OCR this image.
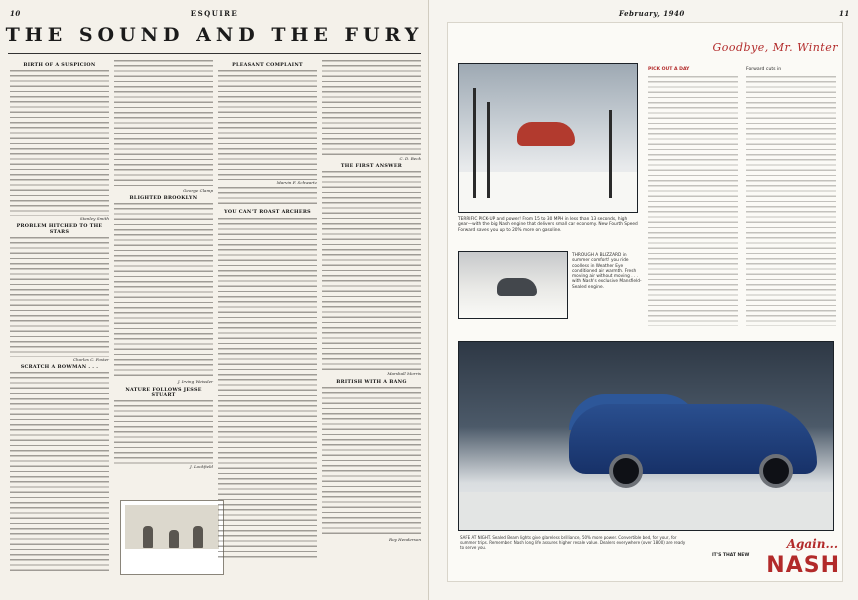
10	ESQUIRE
THE SOUND AND THE FURY
BIRTH OF A SUSPICION
Stanley Smith
PROBLEM HITCHED TO THE STARS
Charles C. Foster
SCRATCH A BOWMAN . . .
George Clamp
BLIGHTED BROOKLYN
J. Irving Weissler
NATURE FOLLOWS JESSE STUART
J. Lockfield
PLEASANT COMPLAINT
Marvin F. Schwartz
YOU CAN'T ROAST ARCHERS
C. D. Beck
THE FIRST ANSWER
Marshall Morris
BRITISH WITH A BANG
Roy Henderson
February, 1940	11
Goodbye, Mr. Winter
TERRIFIC PICK-UP and power! From 15 to 30 MPH in less than 13 seconds, high gear—with the big Nash engine that delivers small car economy. New Fourth Speed Forward saves you up to 20% more on gasoline.
PICK OUT A DAY	Forward cuts in
THROUGH A BLIZZARD in summer comfort! you ride coolless in Weather Eye conditioned air warmth. Fresh moving air without moving . . . with Nash's exclusive Mansfield-Sealed engine.
SAFE AT NIGHT. Sealed Beam lights give glareless brilliance, 50% more power. Convertible bed, for your, for summer trips. Remember: Nash long life assures higher resale value. Dealers everywhere (over 1800) are ready to serve you.	Again...
IT'S THAT NEW NASH
